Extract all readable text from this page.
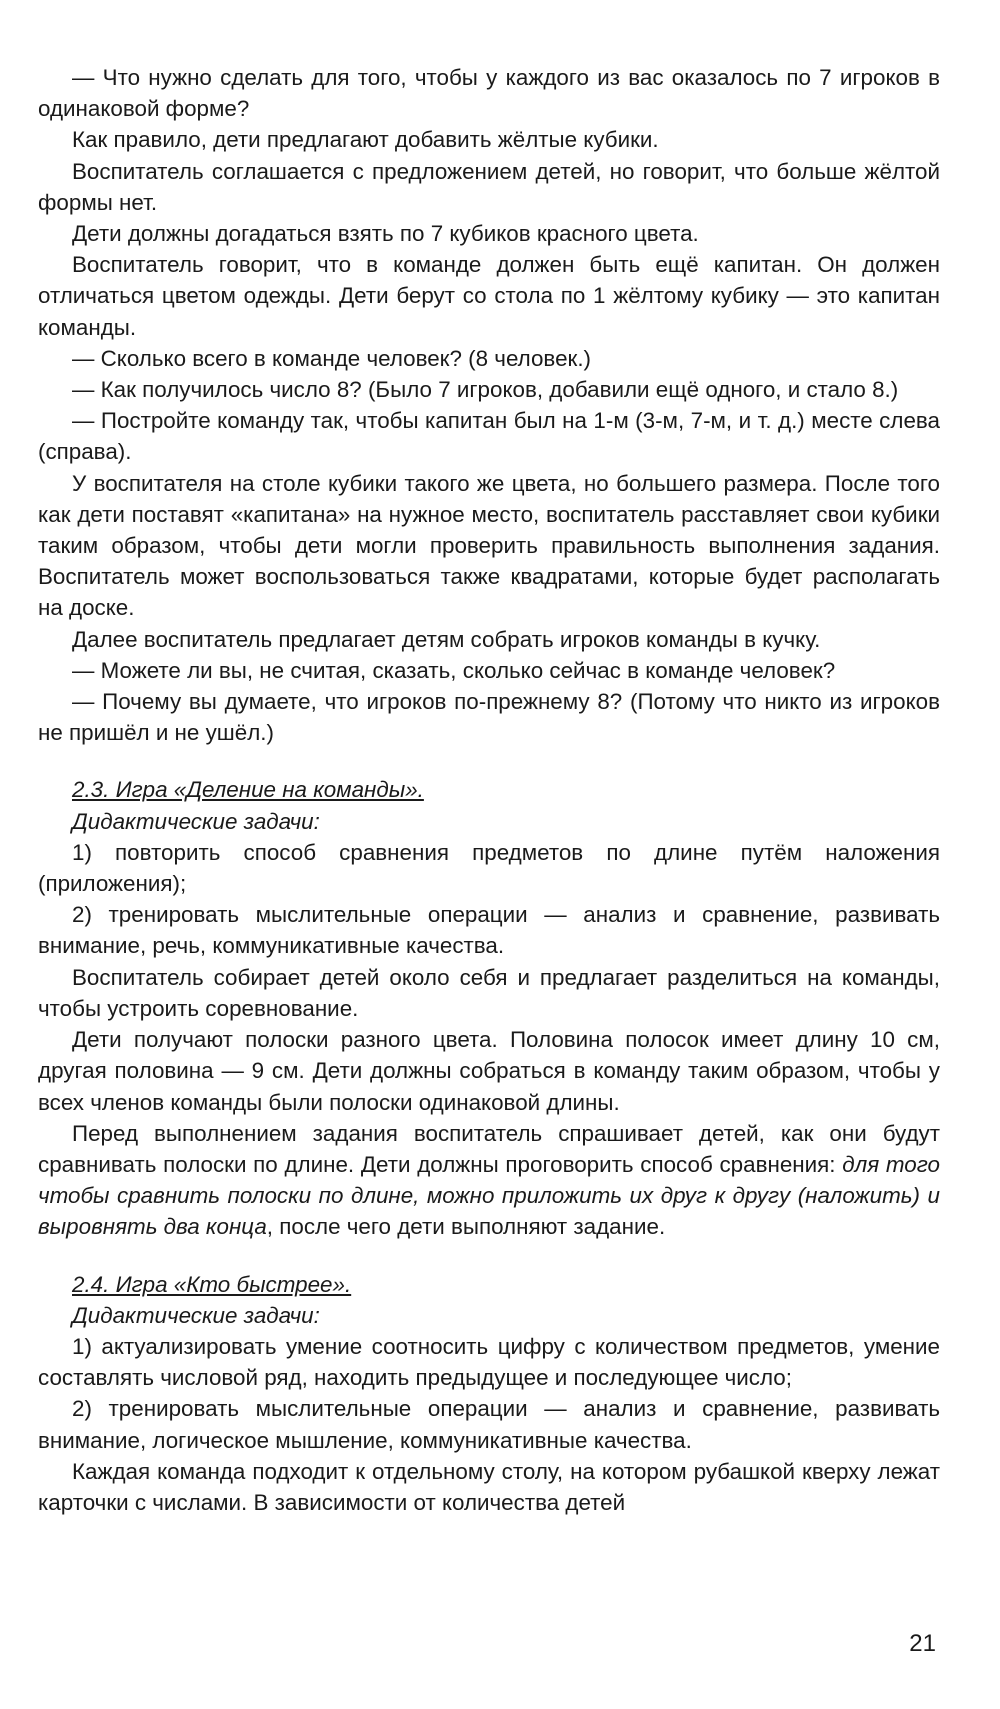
— Что нужно сделать для того, чтобы у каждого из вас оказалось по 7 игроков в одинаковой форме?

Как правило, дети предлагают добавить жёлтые кубики.

Воспитатель соглашается с предложением детей, но говорит, что больше жёлтой формы нет.

Дети должны догадаться взять по 7 кубиков красного цвета.

Воспитатель говорит, что в команде должен быть ещё капитан. Он должен отличаться цветом одежды. Дети берут со стола по 1 жёлтому кубику — это капитан команды.

— Сколько всего в команде человек? (8 человек.)

— Как получилось число 8? (Было 7 игроков, добавили ещё одного, и стало 8.)

— Постройте команду так, чтобы капитан был на 1-м (3-м, 7-м, и т. д.) месте слева (справа).

У воспитателя на столе кубики такого же цвета, но большего размера. После того как дети поставят «капитана» на нужное место, воспитатель расставляет свои кубики таким образом, чтобы дети могли проверить правильность выполнения задания. Воспитатель может воспользоваться также квадратами, которые будет располагать на доске.

Далее воспитатель предлагает детям собрать игроков команды в кучку.

— Можете ли вы, не считая, сказать, сколько сейчас в команде человек?

— Почему вы думаете, что игроков по-прежнему 8? (Потому что никто из игроков не пришёл и не ушёл.)

2.3. Игра «Деление на команды».

Дидактические задачи:

1) повторить способ сравнения предметов по длине путём наложения (приложения);

2) тренировать мыслительные операции — анализ и сравнение, развивать внимание, речь, коммуникативные качества.

Воспитатель собирает детей около себя и предлагает разделиться на команды, чтобы устроить соревнование.

Дети получают полоски разного цвета. Половина полосок имеет длину 10 см, другая половина — 9 см. Дети должны собраться в команду таким образом, чтобы у всех членов команды были полоски одинаковой длины.

Перед выполнением задания воспитатель спрашивает детей, как они будут сравнивать полоски по длине. Дети должны проговорить способ сравнения: для того чтобы сравнить полоски по длине, можно приложить их друг к другу (наложить) и выровнять два конца, после чего дети выполняют задание.

2.4. Игра «Кто быстрее».

Дидактические задачи:

1) актуализировать умение соотносить цифру с количеством предметов, умение составлять числовой ряд, находить предыдущее и последующее число;

2) тренировать мыслительные операции — анализ и сравнение, развивать внимание, логическое мышление, коммуникативные качества.

Каждая команда подходит к отдельному столу, на котором рубашкой кверху лежат карточки с числами. В зависимости от количества детей

21
